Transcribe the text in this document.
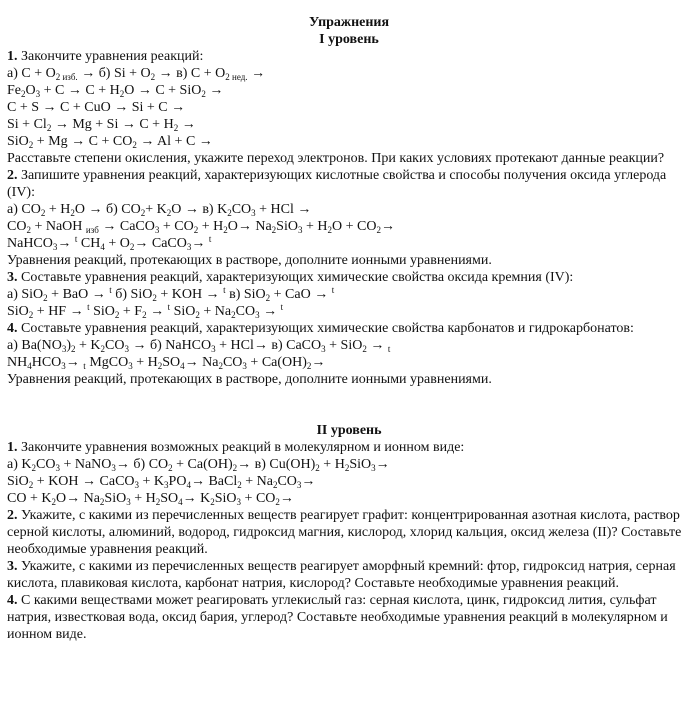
Упражнения
I уровень
1. Закончите уравнения реакций:
а) $C + O_{2 изб.} \to б$) $Si + O_2 \to в$) $C + O_{2 нед.}$ →
$Fe_2O_3 + C \to C + H_2O \to C + SiO_2$ →
C + S → C + CuO → Si + C →
$Si + Cl_2 \to Mg + Si \to C + H_2$ →
$SiO_2 + Mg \to C + CO_2 \to Al + C$ →
Расставьте степени окисления, укажите переход электронов. При каких условиях протекают данные реакции?
2. Запишите уравнения реакций, характеризующих кислотные свойства и способы получения оксида углерода (IV):
а) $CO_2 + H_2O \to б$) $CO_2+ K_2O \to в$) $K_2CO_3$ + HCl →
$CO_2$ + NaOH $_{изб}$ → CaCO$_3$ + $CO_2 + H_2O\to Na_2SiO_3 + H_2O + CO_2\to$
NaHCO$_3$→ $^t$ $CH_4 + O_2\to$ CaCO$_3$→ $^t$
Уравнения реакций, протекающих в растворе, дополните ионными уравнениями.
3. Составьте уравнения реакций, характеризующих химические свойства оксида кремния (IV):
а) SiO$_2$ + BaO → $^t$ б) SiO$_2$ + KOH → $^t$ в) SiO$_2$ + CaO → $^t$
SiO$_2$ + HF → $^t$ $SiO_2 + F_2 \to ^t$ $SiO_2 + Na_2CO_3 \to ^t$
4. Составьте уравнения реакций, характеризующих химические свойства карбонатов и гидрокарбонатов:
а) $Ba(NO_3)_2 + K_2CO_3 \to б$) NaHCO$_3$ + HCl→ в) CaCO$_3$ + SiO$_2$ → $_t$
$NH_4HCO_3\to _t$ MgCO$_3$ + $H_2SO_4\to Na_2CO_3 + Ca(OH)_2\to$
Уравнения реакций, протекающих в растворе, дополните ионными уравнениями.
II уровень
1. Закончите уравнения возможных реакций в молекулярном и ионном виде:
а) $K_2CO_3$ + NaNO$_3$→ б) $CO_2 + Ca(OH)_2\to в$) $Cu(OH)_2 + H_2SiO_3\to$
SiO$_2$ + KOH → CaCO$_3$ + $K_3PO_4\to$ BaCl$_2$ + $Na_2CO_3\to$
CO + $K_2O\to Na_2SiO_3 + H_2SO_4\to K_2SiO_3 + CO_2\to$
2. Укажите, с какими из перечисленных веществ реагирует графит: концентрированная азотная кислота, раствор серной кислоты, алюминий, водород, гидроксид магния, кислород, хлорид кальция, оксид железа (II)? Составьте необходимые уравнения реакций.
3. Укажите, с какими из перечисленных веществ реагирует аморфный кремний: фтор, гидроксид натрия, серная кислота, плавиковая кислота, карбонат натрия, кислород? Составьте необходимые уравнения реакций.
4. С какими веществами может реагировать углекислый газ: серная кислота, цинк, гидроксид лития, сульфат натрия, известковая вода, оксид бария, углерод? Составьте необходимые уравнения реакций в молекулярном и ионном виде.
